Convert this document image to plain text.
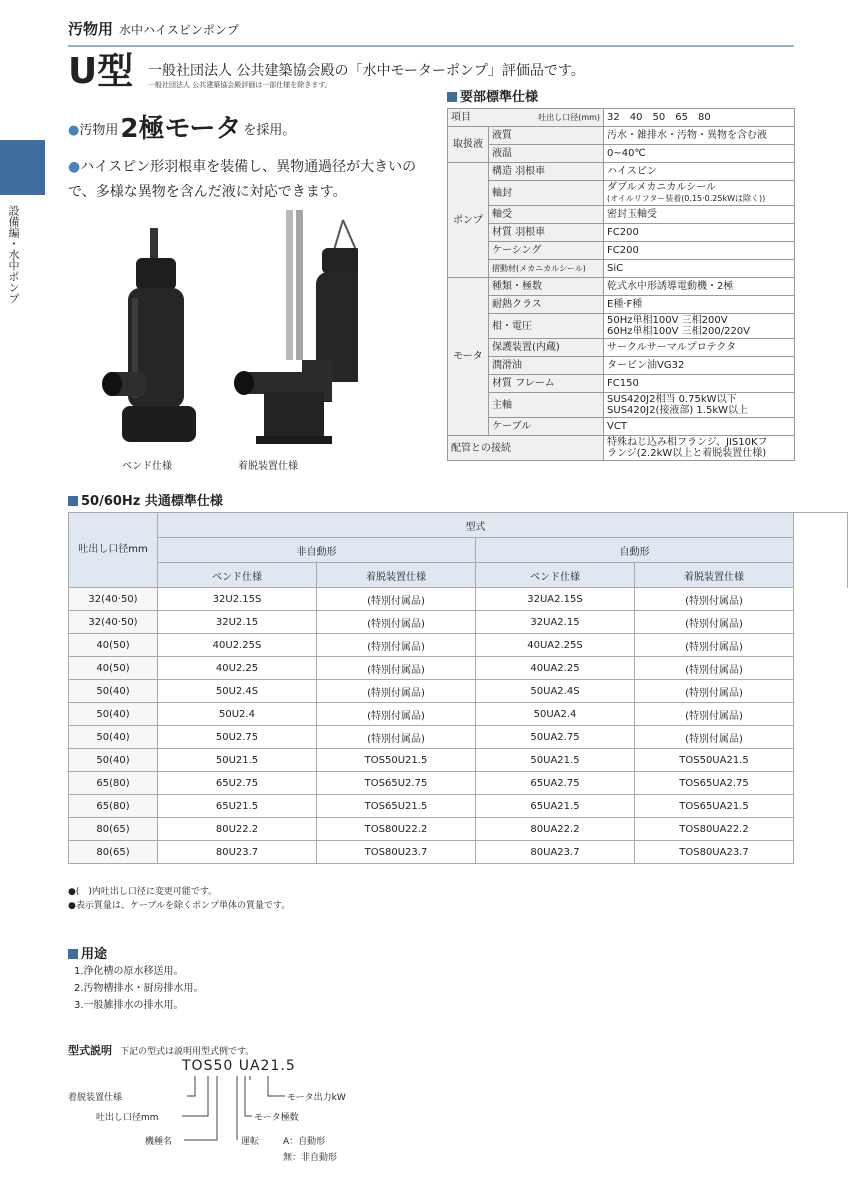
設備編・水中ポンプ
汚物用 水中ハイスピンポンプ
U型 一般社団法人 公共建築協会殿の「水中モーターポンプ」評価品です。
一般社団法人 公共建築協会殿評価は一部仕様を除きます。
●汚物用2極モータ を採用。
●ハイスピン形羽根車を装備し、異物通過径が大きいので、多様な異物を含んだ液に対応できます。
ベンド仕様	着脱装置仕様
要部標準仕様
項目 吐出し口径(mm)		32　 40　 50　 65　 80
取扱液	液質	汚水・雑排水・汚物・異物を含む液
	液温	0~40℃
ポンプ	構造 羽根車	ハイスピン
	軸封	ダブルメカニカルシール
(オイルリフター装着(0.15·0.25kWは除く))
	軸受	密封玉軸受
	材質 羽根車	FC200
	ケーシング	FC200
	摺動材(メカニカルシール)	SiC
モータ	種類・極数	乾式水中形誘導電動機・2極
	耐熱クラス	E種·F種
	相・電圧	50Hz単相100V 三相200V
60Hz単相100V 三相200/220V
	保護装置(内蔵)	サークルサーマルプロテクタ
	潤滑油	タービン油VG32
	材質 フレーム	FC150
	主軸	SUS420J2相当 0.75kW以下
SUS420J2(接液部) 1.5kW以上
	ケーブル	VCT
配管との接続		特殊ねじ込み相フランジ、JIS10Kフ
ランジ(2.2kW以上と着脱装置仕様)
50/60Hz 共通標準仕様
吐出し口径mm	型式				
	非自動形		自動形		
	ベンド仕様	着脱装置仕様	ベンド仕様	着脱装置仕様	
32(40·50)	32U2.15S	(特別付属品)	32UA2.15S	(特別付属品)	
32(40·50)	32U2.15	(特別付属品)	32UA2.15	(特別付属品)	
40(50)	40U2.25S	(特別付属品)	40UA2.25S	(特別付属品)	
40(50)	40U2.25	(特別付属品)	40UA2.25	(特別付属品)	
50(40)	50U2.4S	(特別付属品)	50UA2.4S	(特別付属品)	
50(40)	50U2.4	(特別付属品)	50UA2.4	(特別付属品)	
50(40)	50U2.75	(特別付属品)	50UA2.75	(特別付属品)	
50(40)	50U21.5	TOS50U21.5	50UA21.5	TOS50UA21.5	
65(80)	65U2.75	TOS65U2.75	65UA2.75	TOS65UA2.75	
65(80)	65U21.5	TOS65U21.5	65UA21.5	TOS65UA21.5	
80(65)	80U22.2	TOS80U22.2	80UA22.2	TOS80UA22.2	
80(65)	80U23.7	TOS80U23.7	80UA23.7	TOS80UA23.7	
●(　)内吐出し口径に変更可能です。
●表示質量は、ケーブルを除くポンプ単体の質量です。
用途
1.浄化槽の原水移送用。
2.汚物槽排水・厨房排水用。
3.一般雑排水の排水用。
型式説明 下記の型式は説明用型式例です。
TOS50 UA21.5
着脱装置仕様
吐出し口径mm
機種名	運転	A：自動形
無：非自動形
モータ出力kW
モータ極数
